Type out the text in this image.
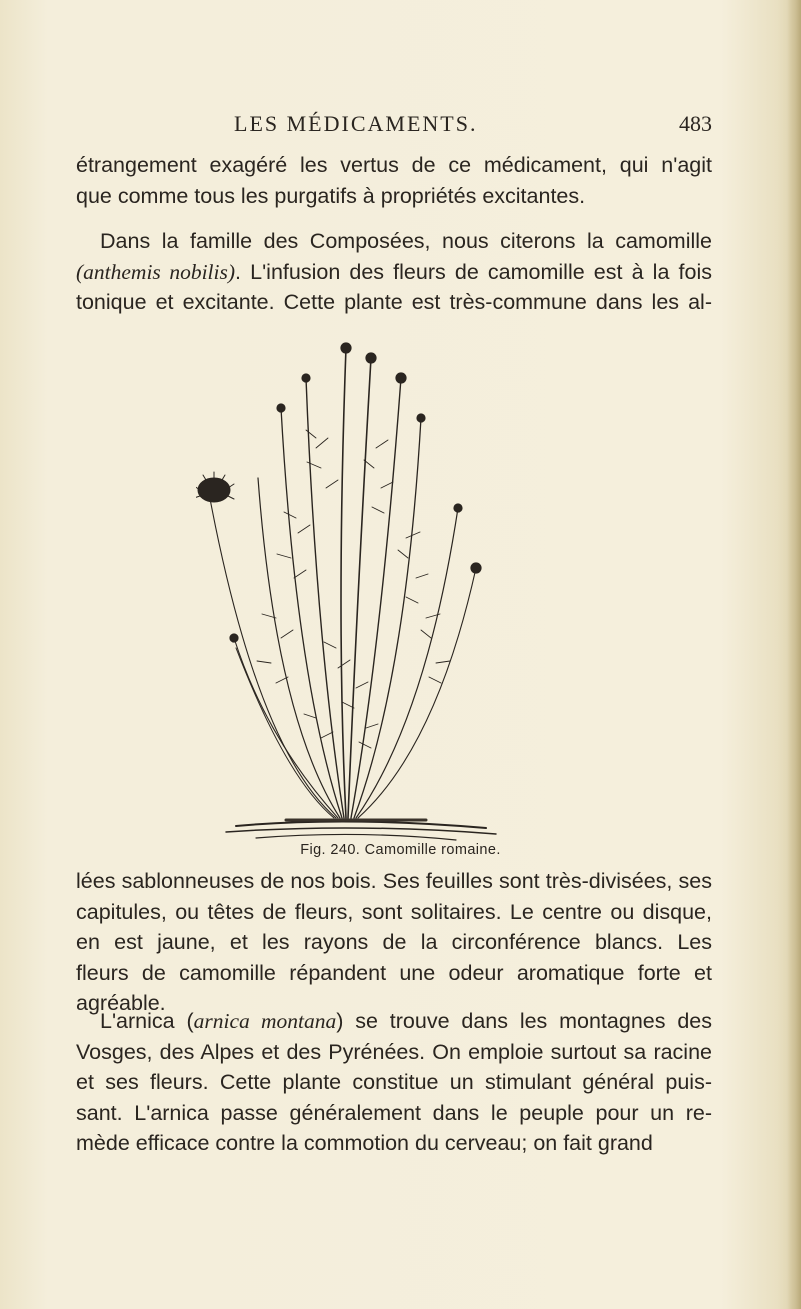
LES MÉDICAMENTS.	483
étrangement exagéré les vertus de ce médicament, qui n'agit
que comme tous les purgatifs à propriétés excitantes.
Dans la famille des Composées, nous citerons la camomille
(anthemis nobilis). L'infusion des fleurs de camomille est à la fois
tonique et excitante. Cette plante est très-commune dans les al-
Fig. 240. Camomille romaine.
lées sablonneuses de nos bois. Ses feuilles sont très-divisées, ses
capitules, ou têtes de fleurs, sont solitaires. Le centre ou disque,
en est jaune, et les rayons de la circonférence blancs. Les
fleurs de camomille répandent une odeur aromatique forte et
agréable.
L'arnica (arnica montana) se trouve dans les montagnes des
Vosges, des Alpes et des Pyrénées. On emploie surtout sa racine
et ses fleurs. Cette plante constitue un stimulant général puis-
sant. L'arnica passe généralement dans le peuple pour un re-
mède efficace contre la commotion du cerveau; on fait grand
